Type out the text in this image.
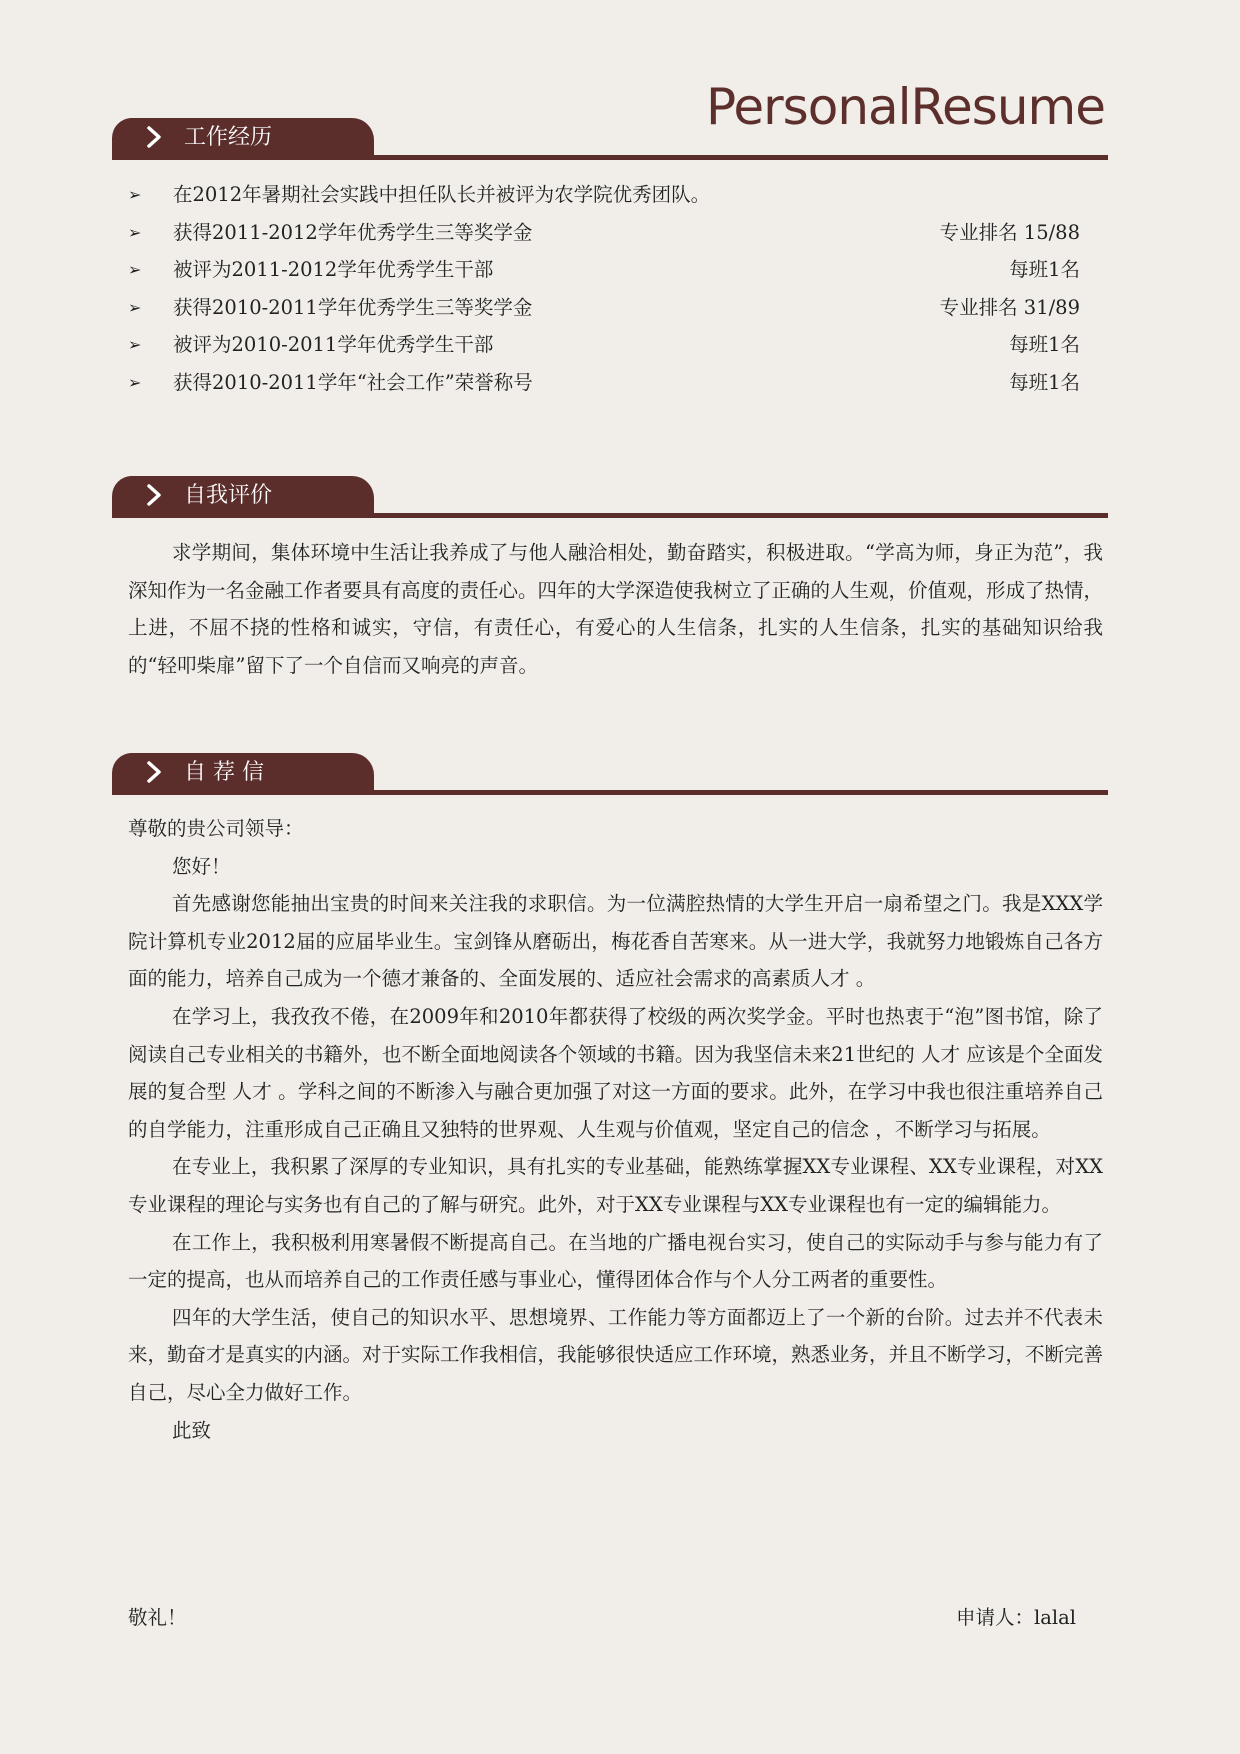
PersonalResume
工作经历
➢ 在2012年暑期社会实践中担任队长并被评为农学院优秀团队。
➢ 获得2011-2012学年优秀学生三等奖学金	专业排名 15/88
➢ 被评为2011-2012学年优秀学生干部	每班1名
➢ 获得2010-2011学年优秀学生三等奖学金	专业排名 31/89
➢ 被评为2010-2011学年优秀学生干部	每班1名
➢ 获得2010-2011学年“社会工作”荣誉称号	每班1名
自我评价

求学期间，集体环境中生活让我养成了与他人融洽相处，勤奋踏实，积极进取。“学高为师，身正为范”，我深知作为一名金融工作者要具有高度的责任心。四年的大学深造使我树立了正确的人生观，价值观，形成了热情，上进，不屈不挠的性格和诚实，守信，有责任心，有爱心的人生信条，扎实的人生信条，扎实的基础知识给我的“轻叩柴扉”留下了一个自信而又响亮的声音。

自 荐 信
尊敬的贵公司领导：
您好！
首先感谢您能抽出宝贵的时间来关注我的求职信。为一位满腔热情的大学生开启一扇希望之门。我是XXX学院计算机专业2012届的应届毕业生。宝剑锋从磨砺出，梅花香自苦寒来。从一进大学，我就努力地锻炼自己各方面的能力，培养自己成为一个德才兼备的、全面发展的、适应社会需求的高素质人才 。
在学习上，我孜孜不倦，在2009年和2010年都获得了校级的两次奖学金。平时也热衷于“泡”图书馆，除了阅读自己专业相关的书籍外，也不断全面地阅读各个领域的书籍。因为我坚信未来21世纪的 人才 应该是个全面发展的复合型 人才 。学科之间的不断渗入与融合更加强了对这一方面的要求。此外，在学习中我也很注重培养自己的自学能力，注重形成自己正确且又独特的世界观、人生观与价值观，坚定自己的信念 ，不断学习与拓展。
在专业上，我积累了深厚的专业知识，具有扎实的专业基础，能熟练掌握XX专业课程、XX专业课程，对XX专业课程的理论与实务也有自己的了解与研究。此外，对于XX专业课程与XX专业课程也有一定的编辑能力。
在工作上，我积极利用寒暑假不断提高自己。在当地的广播电视台实习，使自己的实际动手与参与能力有了一定的提高，也从而培养自己的工作责任感与事业心，懂得团体合作与个人分工两者的重要性。
四年的大学生活，使自己的知识水平、思想境界、工作能力等方面都迈上了一个新的台阶。过去并不代表未来，勤奋才是真实的内涵。对于实际工作我相信，我能够很快适应工作环境，熟悉业务，并且不断学习，不断完善自己，尽心全力做好工作。
此致
敬礼！	申请人：lalal
